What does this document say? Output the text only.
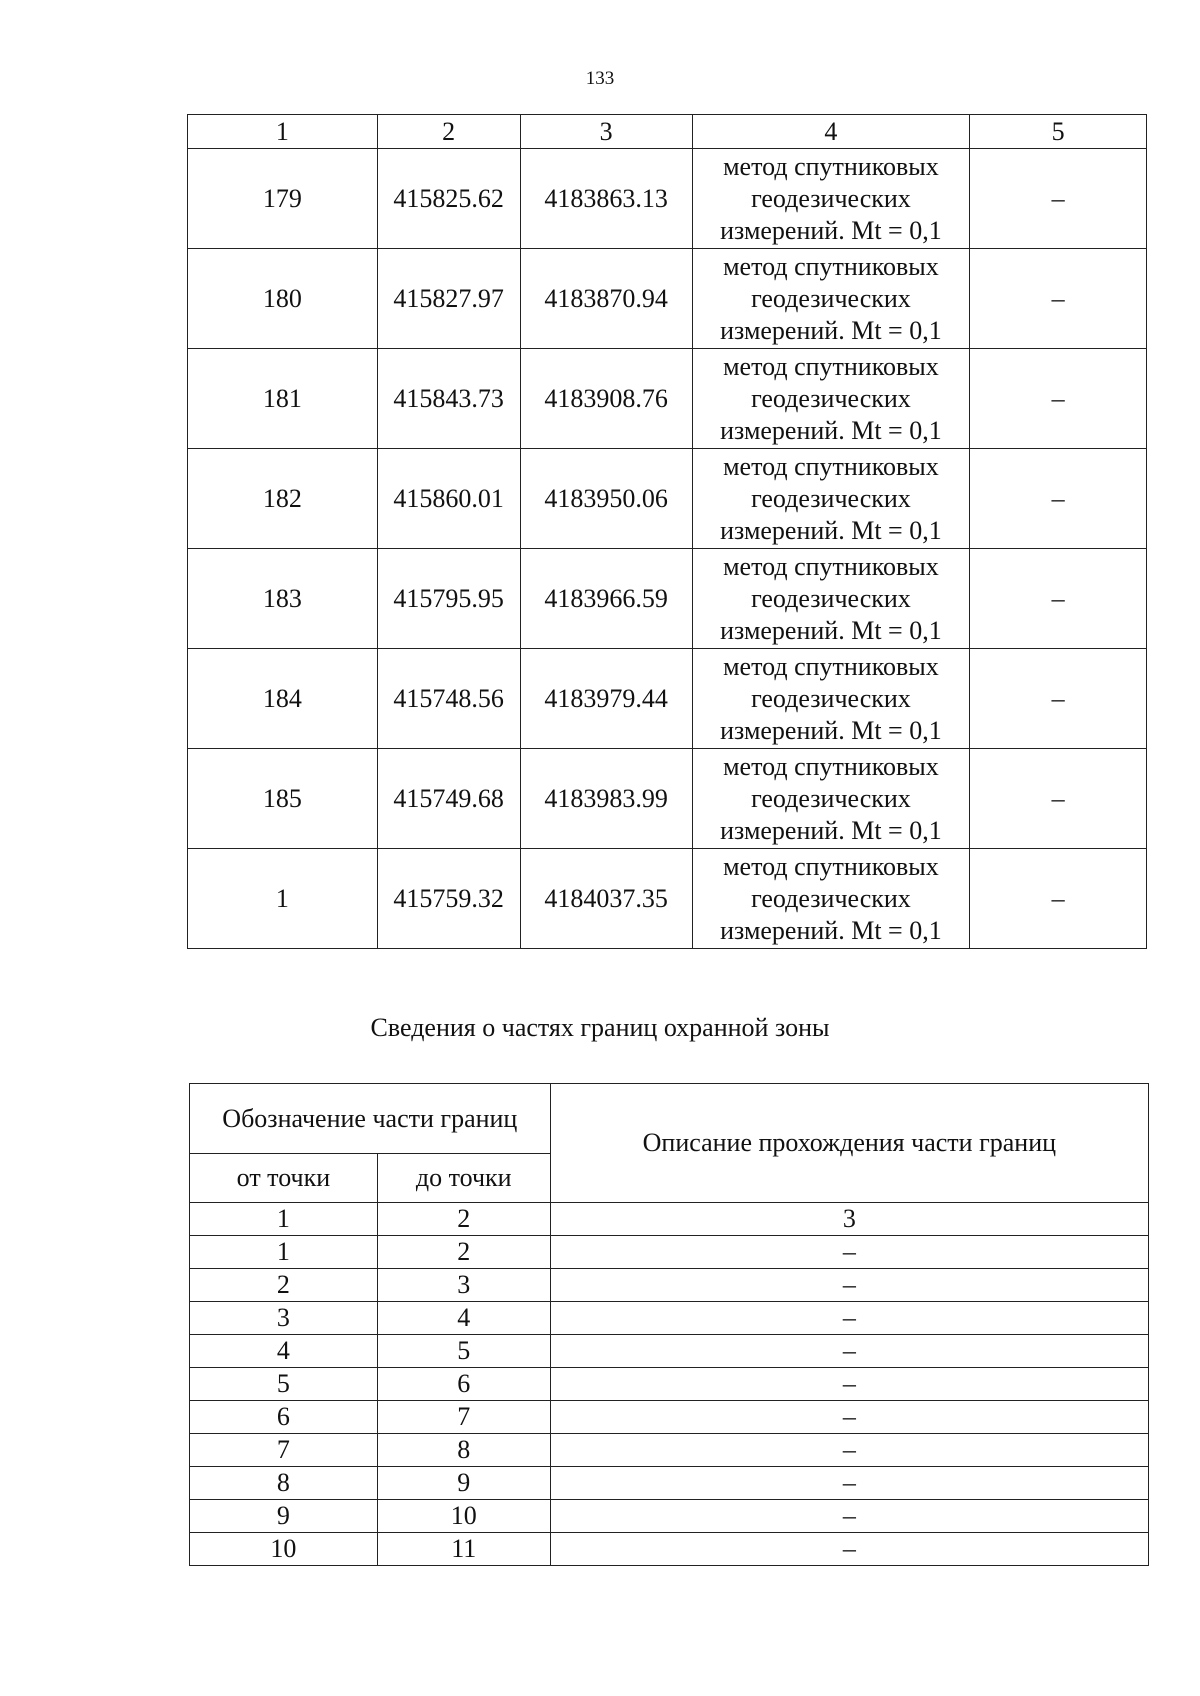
133
1	2	3	4	5
179	415825.62	4183863.13	метод спутниковых
геодезических
измерений. Mt = 0,1	–
180	415827.97	4183870.94	метод спутниковых
геодезических
измерений. Mt = 0,1	–
181	415843.73	4183908.76	метод спутниковых
геодезических
измерений. Mt = 0,1	–
182	415860.01	4183950.06	метод спутниковых
геодезических
измерений. Mt = 0,1	–
183	415795.95	4183966.59	метод спутниковых
геодезических
измерений. Mt = 0,1	–
184	415748.56	4183979.44	метод спутниковых
геодезических
измерений. Mt = 0,1	–
185	415749.68	4183983.99	метод спутниковых
геодезических
измерений. Mt = 0,1	–
1	415759.32	4184037.35	метод спутниковых
геодезических
измерений. Mt = 0,1	–
Сведения о частях границ охранной зоны
Обозначение части границ		Описание прохождения части границ
от точки	до точки	
1	2	3
1	2	–
2	3	–
3	4	–
4	5	–
5	6	–
6	7	–
7	8	–
8	9	–
9	10	–
10	11	–
